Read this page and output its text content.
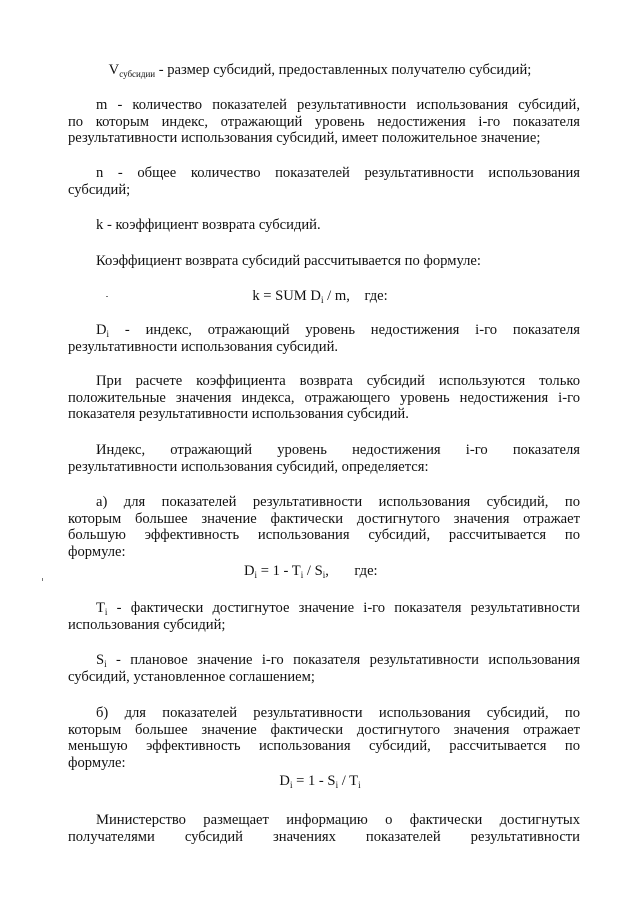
$V_{субсидии}$ - размер субсидий, предоставленных получателю субсидий;

m - количество показателей результативности использования субсидий,
по которым индекс, отражающий уровень недостижения i-го показателя
результативности использования субсидий, имеет положительное значение;
n - общее количество показателей результативности использования
субсидий;
k - коэффициент возврата субсидий.
Коэффициент возврата субсидий рассчитывается по формуле:
k = SUM $D_i$ / m,    где:
$D_i$ - индекс, отражающий уровень недостижения i-го показателя
результативности использования субсидий.
При расчете коэффициента возврата субсидий используются только
положительные значения индекса, отражающего уровень недостижения i-го
показателя результативности использования субсидий.
Индекс, отражающий уровень недостижения i-го показателя
результативности использования субсидий, определяется:
а) для показателей результативности использования субсидий, по
которым большее значение фактически достигнутого значения отражает
большую эффективность использования субсидий, рассчитывается по
формуле:
$D_i = 1 - T_i / S_i$,       где:
$T_i$ - фактически достигнутое значение i-го показателя результативности
использования субсидий;
$S_i$ - плановое значение i-го показателя результативности использования
субсидий, установленное соглашением;
б) для показателей результативности использования субсидий, по
которым большее значение фактически достигнутого значения отражает
меньшую эффективность использования субсидий, рассчитывается по
формуле:
$D_i = 1 - S_i / T_i$
Министерство размещает информацию о фактически достигнутых
получателями субсидий значениях показателей результативности
